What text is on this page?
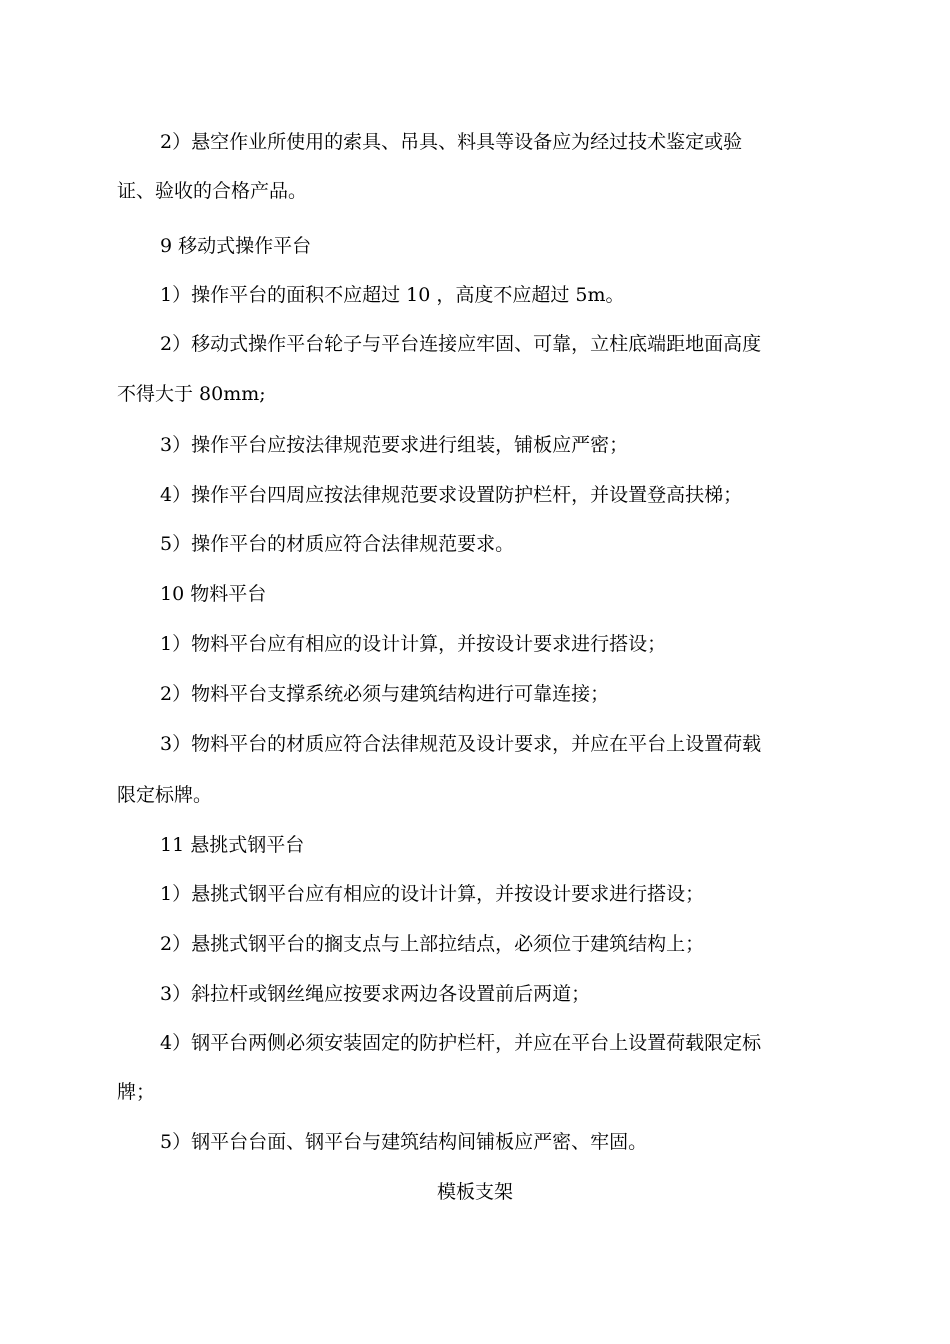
2）悬空作业所使用的索具、吊具、料具等设备应为经过技术鉴定或验
证、验收的合格产品。
9 移动式操作平台
1）操作平台的面积不应超过 10 ，高度不应超过 5m。
2）移动式操作平台轮子与平台连接应牢固、可靠，立柱底端距地面高度
不得大于 80mm;
3）操作平台应按法律规范要求进行组装，铺板应严密；
4）操作平台四周应按法律规范要求设置防护栏杆，并设置登高扶梯；
5）操作平台的材质应符合法律规范要求。
10 物料平台
1）物料平台应有相应的设计计算，并按设计要求进行搭设；
2）物料平台支撑系统必须与建筑结构进行可靠连接；
3）物料平台的材质应符合法律规范及设计要求，并应在平台上设置荷载
限定标牌。
11 悬挑式钢平台
1）悬挑式钢平台应有相应的设计计算，并按设计要求进行搭设；
2）悬挑式钢平台的搁支点与上部拉结点，必须位于建筑结构上；
3）斜拉杆或钢丝绳应按要求两边各设置前后两道；
4）钢平台两侧必须安装固定的防护栏杆，并应在平台上设置荷载限定标
牌；
5）钢平台台面、钢平台与建筑结构间铺板应严密、牢固。
模板支架
